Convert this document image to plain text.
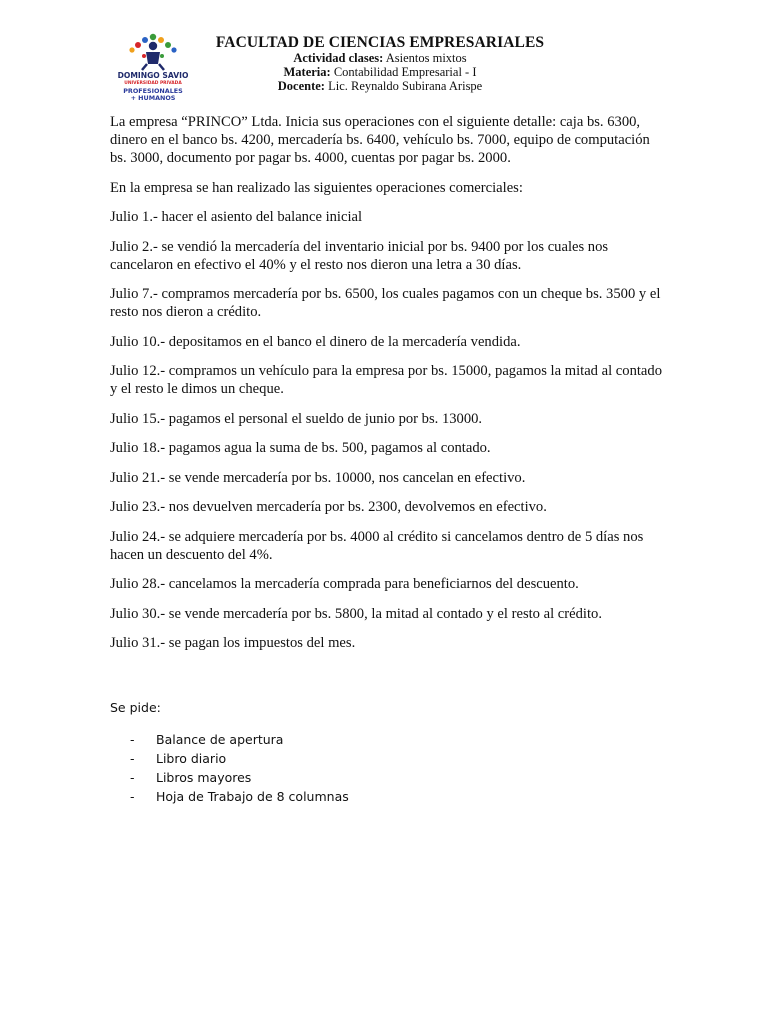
DOMINGO SAVIO
UNIVERSIDAD PRIVADA
PROFESIONALES
+ HUMANOS
FACULTAD DE CIENCIAS EMPRESARIALES
Actividad clases: Asientos mixtos
Materia: Contabilidad Empresarial - I
Docente: Lic. Reynaldo Subirana Arispe

La empresa “PRINCO” Ltda. Inicia sus operaciones con el siguiente detalle: caja bs. 6300, dinero en el banco bs. 4200, mercadería bs. 6400, vehículo bs. 7000, equipo de computación bs. 3000, documento por pagar bs. 4000, cuentas por pagar bs. 2000.

En la empresa se han realizado las siguientes operaciones comerciales:

Julio 1.- hacer el asiento del balance inicial

Julio 2.- se vendió la mercadería del inventario inicial por bs. 9400 por los cuales nos cancelaron en efectivo el 40% y el resto nos dieron una letra a 30 días.

Julio 7.- compramos mercadería por bs. 6500, los cuales pagamos con un cheque bs. 3500 y el resto nos dieron a crédito.

Julio 10.- depositamos en el banco el dinero de la mercadería vendida.

Julio 12.- compramos un vehículo para la empresa por bs. 15000, pagamos la mitad al contado y el resto le dimos un cheque.

Julio 15.- pagamos el personal el sueldo de junio por bs. 13000.

Julio 18.- pagamos agua la suma de bs. 500, pagamos al contado.

Julio 21.- se vende mercadería por bs. 10000, nos cancelan en efectivo.

Julio 23.- nos devuelven mercadería por bs. 2300, devolvemos en efectivo.

Julio 24.- se adquiere mercadería por bs. 4000 al crédito si cancelamos dentro de 5 días nos hacen un descuento del 4%.

Julio 28.- cancelamos la mercadería comprada para beneficiarnos del descuento.

Julio 30.- se vende mercadería por bs. 5800, la mitad al contado y el resto al crédito.

Julio 31.- se pagan los impuestos del mes.

Se pide:
-	Balance de apertura
-	Libro diario
-	Libros mayores
-	Hoja de Trabajo de 8 columnas
